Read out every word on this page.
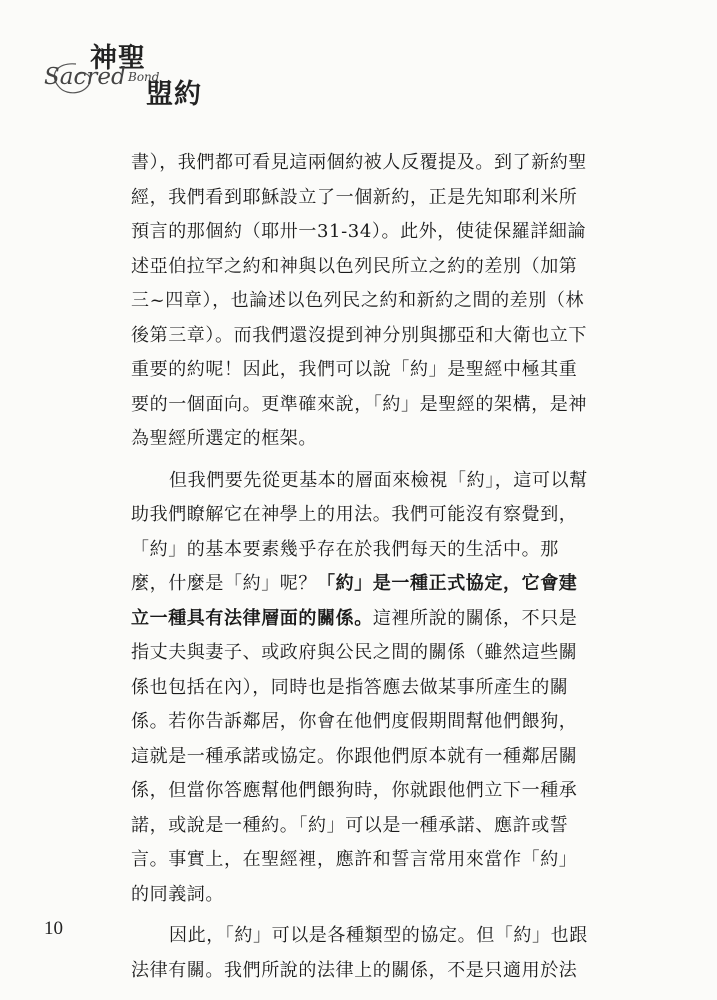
神聖
Sacred Bond
盟約

書），我們都可看見這兩個約被人反覆提及。到了新約聖經，我們看到耶穌設立了一個新約，正是先知耶利米所預言的那個約（耶卅一31-34）。此外，使徒保羅詳細論述亞伯拉罕之約和神與以色列民所立之約的差別（加第三~四章），也論述以色列民之約和新約之間的差別（林後第三章）。而我們還沒提到神分別與挪亞和大衛也立下重要的約呢！因此，我們可以說「約」是聖經中極其重要的一個面向。更準確來說，「約」是聖經的架構，是神為聖經所選定的框架。

但我們要先從更基本的層面來檢視「約」，這可以幫助我們瞭解它在神學上的用法。我們可能沒有察覺到，「約」的基本要素幾乎存在於我們每天的生活中。那麼，什麼是「約」呢？「約」是一種正式協定，它會建立一種具有法律層面的關係。這裡所說的關係，不只是指丈夫與妻子、或政府與公民之間的關係（雖然這些關係也包括在內），同時也是指答應去做某事所產生的關係。若你告訴鄰居，你會在他們度假期間幫他們餵狗，這就是一種承諾或協定。你跟他們原本就有一種鄰居關係，但當你答應幫他們餵狗時，你就跟他們立下一種承諾，或說是一種約。「約」可以是一種承諾、應許或誓言。事實上，在聖經裡，應許和誓言常用來當作「約」的同義詞。

因此，「約」可以是各種類型的協定。但「約」也跟法律有關。我們所說的法律上的關係，不是只適用於法

10
